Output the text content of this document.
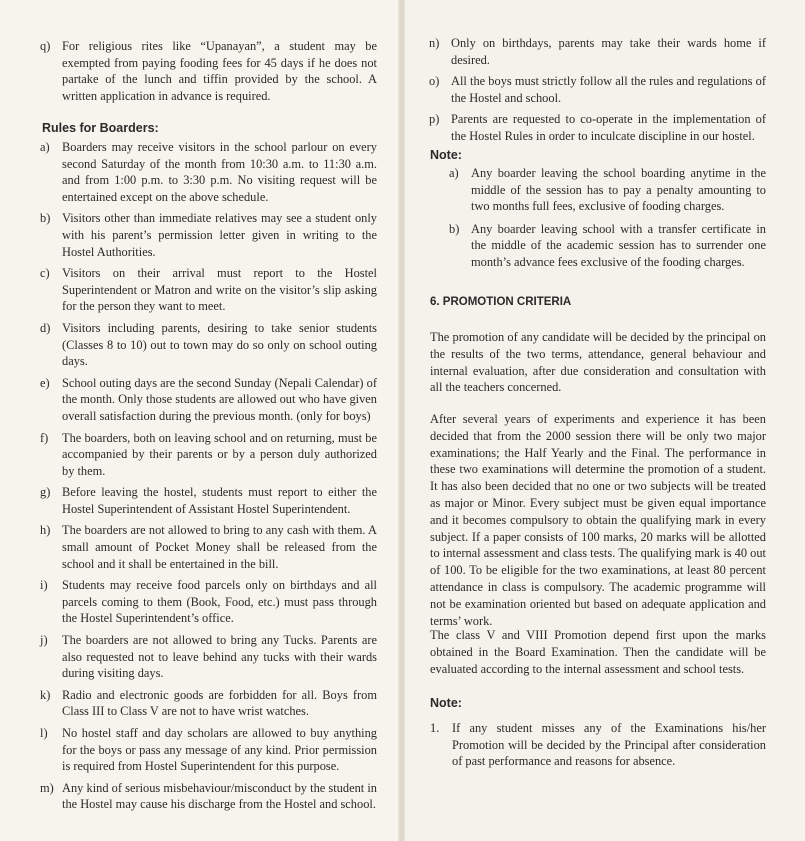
q) For religious rites like “Upanayan”, a student may be exempted from paying fooding fees for 45 days if he does not partake of the lunch and tiffin provided by the school. A written application in advance is required.
Rules for Boarders:
a) Boarders may receive visitors in the school parlour on every second Saturday of the month from 10:30 a.m. to 11:30 a.m. and from 1:00 p.m. to 3:30 p.m. No visiting request will be entertained except on the above schedule.
b) Visitors other than immediate relatives may see a student only with his parent’s permission letter given in writing to the Hostel Authorities.
c) Visitors on their arrival must report to the Hostel Superintendent or Matron and write on the visitor’s slip asking for the person they want to meet.
d) Visitors including parents, desiring to take senior students (Classes 8 to 10) out to town may do so only on school outing days.
e) School outing days are the second Sunday (Nepali Calendar) of the month. Only those students are allowed out who have given overall satisfaction during the previous month. (only for boys)
f) The boarders, both on leaving school and on returning, must be accompanied by their parents or by a person duly authorized by them.
g) Before leaving the hostel, students must report to either the Hostel Superintendent of Assistant Hostel Superintendent.
h) The boarders are not allowed to bring to any cash with them. A small amount of Pocket Money shall be released from the school and it shall be entertained in the bill.
i) Students may receive food parcels only on birthdays and all parcels coming to them (Book, Food, etc.) must pass through the Hostel Superintendent’s office.
j) The boarders are not allowed to bring any Tucks. Parents are also requested not to leave behind any tucks with their wards during visiting days.
k) Radio and electronic goods are forbidden for all. Boys from Class III to Class V are not to have wrist watches.
l) No hostel staff and day scholars are allowed to buy anything for the boys or pass any message of any kind. Prior permission is required from Hostel Superintendent for this purpose.
m) Any kind of serious misbehaviour/misconduct by the student in the Hostel may cause his discharge from the Hostel and school.
n) Only on birthdays, parents may take their wards home if desired.
o) All the boys must strictly follow all the rules and regulations of the Hostel and school.
p) Parents are requested to co-operate in the implementation of the Hostel Rules in order to inculcate discipline in our hostel.
Note:
a) Any boarder leaving the school boarding anytime in the middle of the session has to pay a penalty amounting to two months full fees, exclusive of fooding charges.
b) Any boarder leaving school with a transfer certificate in the middle of the academic session has to surrender one month’s advance fees exclusive of the fooding charges.
6. PROMOTION CRITERIA

The promotion of any candidate will be decided by the principal on the results of the two terms, attendance, general behaviour and internal evaluation, after due consideration and consultation with all the teachers concerned.

After several years of experiments and experience it has been decided that from the 2000 session there will be only two major examinations; the Half Yearly and the Final. The performance in these two examinations will determine the promotion of a student. It has also been decided that no one or two subjects will be treated as major or Minor. Every subject must be given equal importance and it becomes compulsory to obtain the qualifying mark in every subject. If a paper consists of 100 marks, 20 marks will be allotted to internal assessment and class tests. The qualifying mark is 40 out of 100. To be eligible for the two examinations, at least 80 percent attendance in class is compulsory. The academic programme will not be examination oriented but based on adequate application and terms’ work.

The class V and VIII Promotion depend first upon the marks obtained in the Board Examination. Then the candidate will be evaluated according to the internal assessment and school tests.

Note:
1. If any student misses any of the Examinations his/her Promotion will be decided by the Principal after consideration of past performance and reasons for absence.
